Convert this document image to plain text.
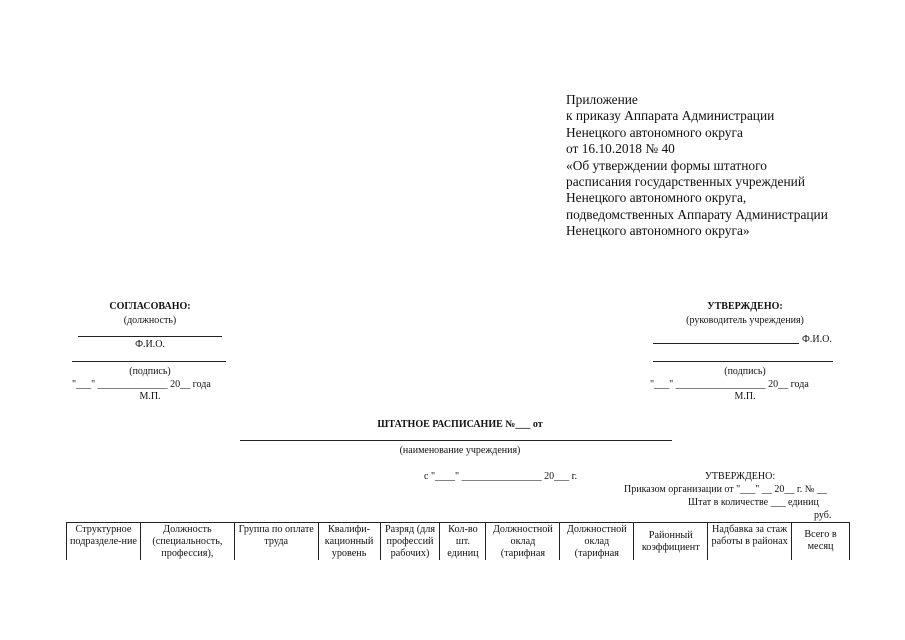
Приложение
к приказу Аппарата Администрации
Ненецкого автономного округа
от 16.10.2018 № 40
«Об утверждении формы штатного
расписания государственных учреждений
Ненецкого автономного округа,
подведомственных Аппарату Администрации
Ненецкого автономного округа»
СОГЛАСОВАНО:
(должность)
Ф.И.О.
(подпись)
"___" ______________ 20__ года
М.П.
УТВЕРЖДЕНО:
(руководитель учреждения)
Ф.И.О.
(подпись)
"___" __________________ 20__ года
М.П.
ШТАТНОЕ РАСПИСАНИЕ №___ от
(наименование учреждения)
с "____" ________________ 20___ г.	УТВЕРЖДЕНО:
Приказом организации от "___" __ 20__ г. № __
Штат в количестве ___ единиц
руб.
Структурное подразделе-ние	Должность (специальность, профессия),	Группа по оплате труда	Квалифи-кационный уровень	Разряд (для профессий рабочих)	Кол-во шт. единиц	Должностной оклад (тарифная	Должностной оклад (тарифная	Районный коэффициент	Надбавка за стаж работы в районах	Всего в месяц
